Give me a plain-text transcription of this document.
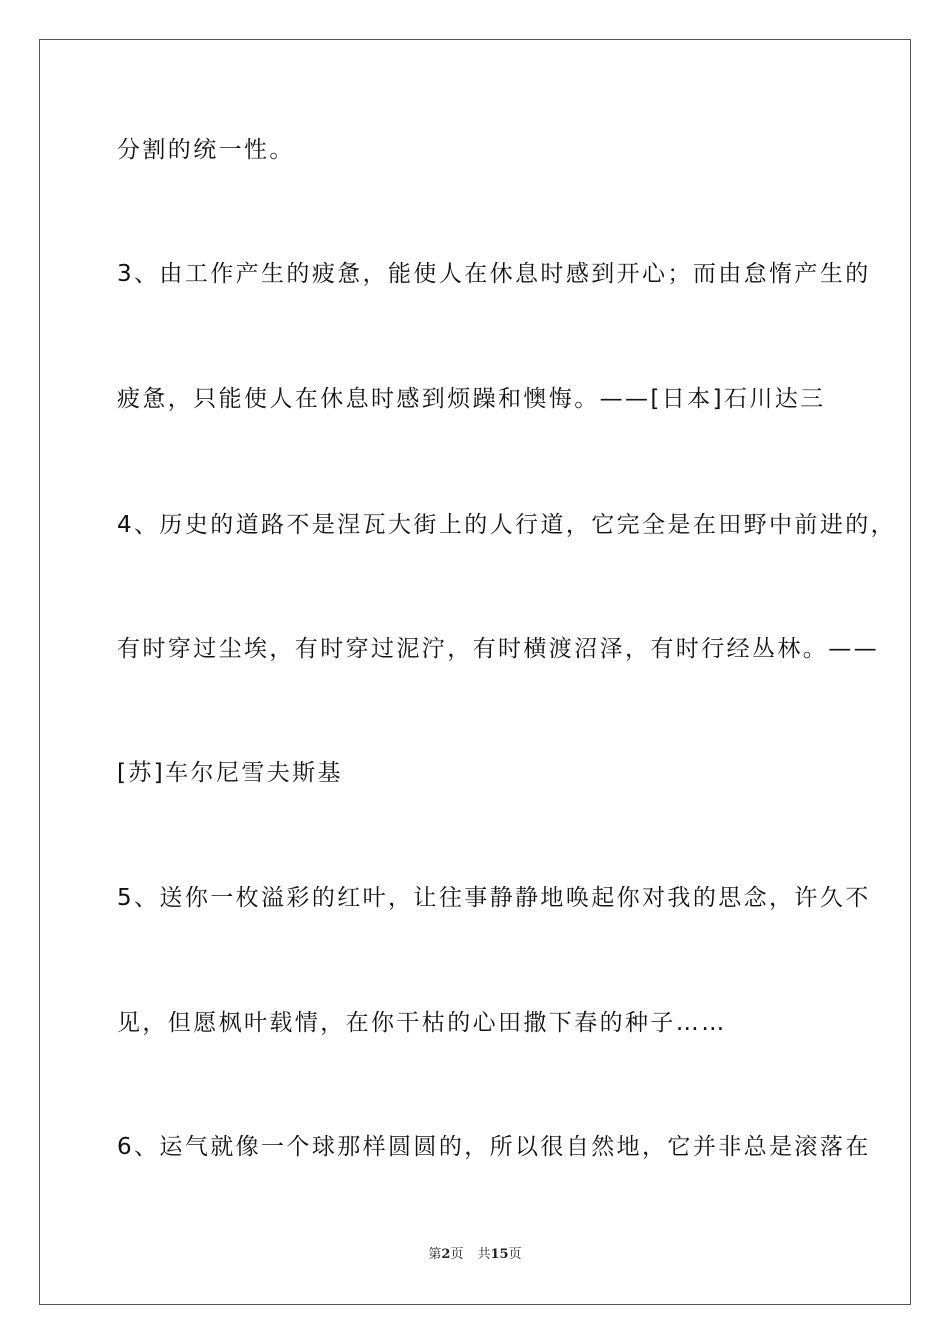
分割的统一性。

3、由工作产生的疲惫，能使人在休息时感到开心；而由怠惰产生的

疲惫，只能使人在休息时感到烦躁和懊悔。——[日本]石川达三

4、历史的道路不是涅瓦大街上的人行道，它完全是在田野中前进的，

有时穿过尘埃，有时穿过泥泞，有时横渡沼泽，有时行经丛林。——

[苏]车尔尼雪夫斯基

5、送你一枚溢彩的红叶，让往事静静地唤起你对我的思念，许久不

见，但愿枫叶载情，在你干枯的心田撒下春的种子……

6、运气就像一个球那样圆圆的，所以很自然地，它并非总是滚落在

第2页 共15页
